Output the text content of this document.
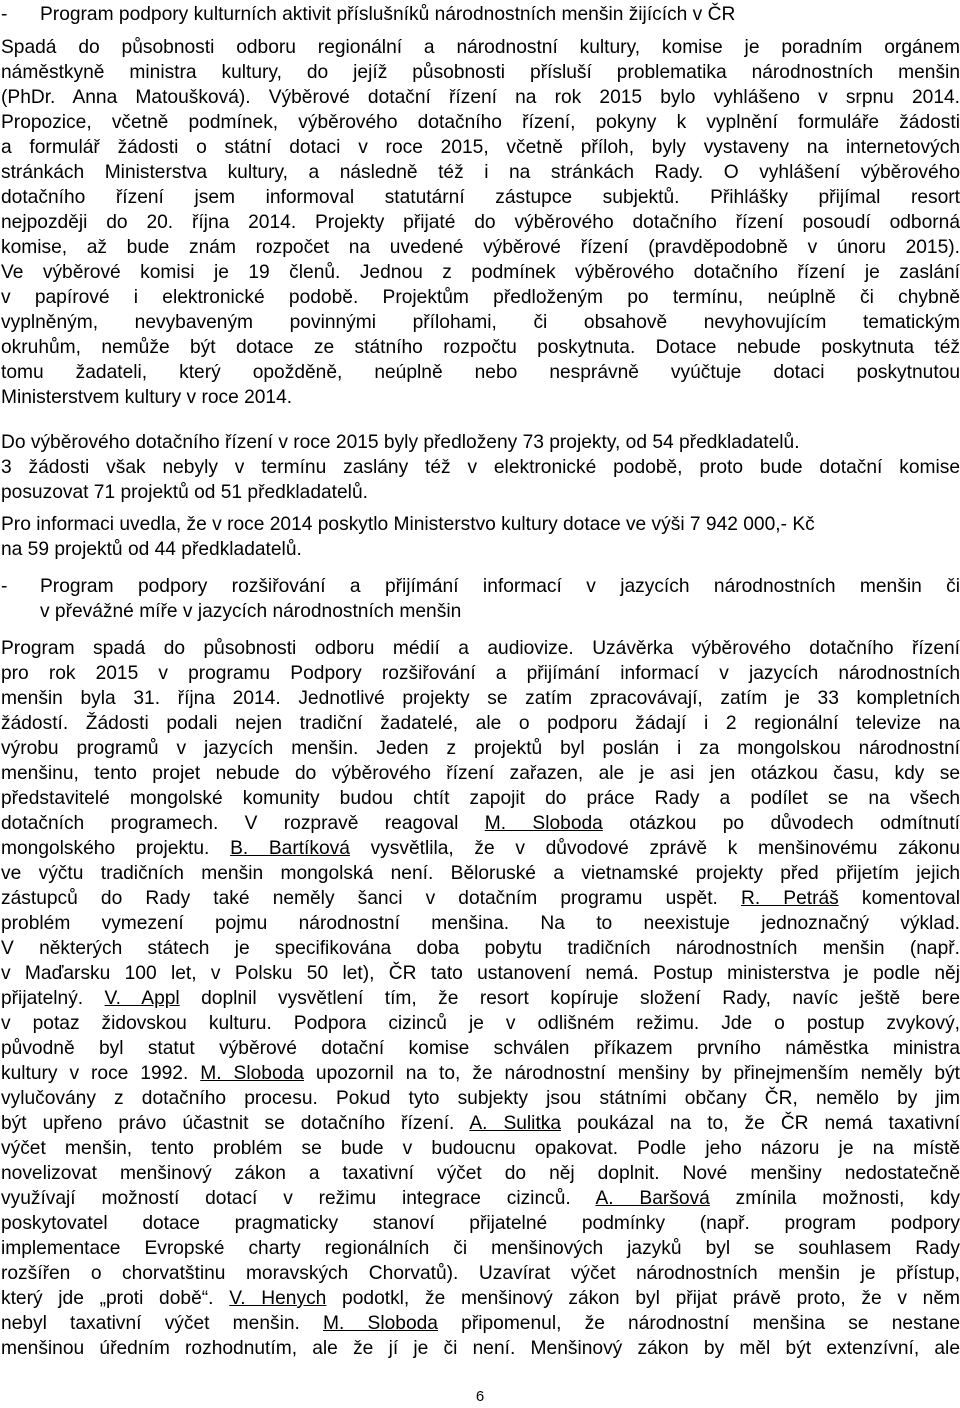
- Program podpory kulturních aktivit příslušníků národnostních menšin žijících v ČR
Spadá do působnosti odboru regionální a národnostní kultury, komise je poradním orgánem
náměstkyně ministra kultury, do jejíž působnosti přísluší problematika národnostních menšin
(PhDr. Anna Matoušková). Výběrové dotační řízení na rok 2015 bylo vyhlášeno v srpnu 2014.
Propozice, včetně podmínek, výběrového dotačního řízení, pokyny k vyplnění formuláře žádosti
a formulář žádosti o státní dotaci v roce 2015, včetně příloh, byly vystaveny na internetových
stránkách Ministerstva kultury, a následně též i na stránkách Rady. O vyhlášení výběrového
dotačního řízení jsem informoval statutární zástupce subjektů. Přihlášky přijímal resort
nejpozději do 20. října 2014. Projekty přijaté do výběrového dotačního řízení posoudí odborná
komise, až bude znám rozpočet na uvedené výběrové řízení (pravděpodobně v únoru 2015).
Ve výběrové komisi je 19 členů. Jednou z podmínek výběrového dotačního řízení je zaslání
v papírové i elektronické podobě. Projektům předloženým po termínu, neúplně či chybně
vyplněným, nevybaveným povinnými přílohami, či obsahově nevyhovujícím tematickým
okruhům, nemůže být dotace ze státního rozpočtu poskytnuta. Dotace nebude poskytnuta též
tomu žadateli, který opožděně, neúplně nebo nesprávně vyúčtuje dotaci poskytnutou
Ministerstvem kultury v roce 2014.
Do výběrového dotačního řízení v roce 2015 byly předloženy 73 projekty, od 54 předkladatelů.
3 žádosti však nebyly v termínu zaslány též v elektronické podobě, proto bude dotační komise
posuzovat 71 projektů od 51 předkladatelů.
Pro informaci uvedla, že v roce 2014 poskytlo Ministerstvo kultury dotace ve výši 7 942 000,- Kč
na 59 projektů od 44 předkladatelů.
- Program podpory rozšiřování a přijímání informací v jazycích národnostních menšin či
v převážné míře v jazycích národnostních menšin
Program spadá do působnosti odboru médií a audiovize. Uzávěrka výběrového dotačního řízení
pro rok 2015 v programu Podpory rozšiřování a přijímání informací v jazycích národnostních
menšin byla 31. října 2014. Jednotlivé projekty se zatím zpracovávají, zatím je 33 kompletních
žádostí. Žádosti podali nejen tradiční žadatelé, ale o podporu žádají i 2 regionální televize na
výrobu programů v jazycích menšin. Jeden z projektů byl poslán i za mongolskou národnostní
menšinu, tento projet nebude do výběrového řízení zařazen, ale je asi jen otázkou času, kdy se
představitelé mongolské komunity budou chtít zapojit do práce Rady a podílet se na všech
dotačních programech. V rozpravě reagoval M. Sloboda otázkou po důvodech odmítnutí
mongolského projektu. B. Bartíková vysvětlila, že v důvodové zprávě k menšinovému zákonu
ve výčtu tradičních menšin mongolská není. Běloruské a vietnamské projekty před přijetím jejich
zástupců do Rady také neměly šanci v dotačním programu uspět. R. Petráš komentoval
problém vymezení pojmu národnostní menšina. Na to neexistuje jednoznačný výklad.
V některých státech je specifikována doba pobytu tradičních národnostních menšin (např.
v Maďarsku 100 let, v Polsku 50 let), ČR tato ustanovení nemá. Postup ministerstva je podle něj
přijatelný. V. Appl doplnil vysvětlení tím, že resort kopíruje složení Rady, navíc ještě bere
v potaz židovskou kulturu. Podpora cizinců je v odlišném režimu. Jde o postup zvykový,
původně byl statut výběrové dotační komise schválen příkazem prvního náměstka ministra
kultury v roce 1992. M. Sloboda upozornil na to, že národnostní menšiny by přinejmenším neměly být
vylučovány z dotačního procesu. Pokud tyto subjekty jsou státními občany ČR, nemělo by jim
být upřeno právo účastnit se dotačního řízení. A. Sulitka poukázal na to, že ČR nemá taxativní
výčet menšin, tento problém se bude v budoucnu opakovat. Podle jeho názoru je na místě
novelizovat menšinový zákon a taxativní výčet do něj doplnit. Nové menšiny nedostatečně
využívají možností dotací v režimu integrace cizinců. A. Baršová zmínila možnosti, kdy
poskytovatel dotace pragmaticky stanoví přijatelné podmínky (např. program podpory
implementace Evropské charty regionálních či menšinových jazyků byl se souhlasem Rady
rozšířen o chorvatštinu moravských Chorvatů). Uzavírat výčet národnostních menšin je přístup,
který jde „proti době“. V. Henych podotkl, že menšinový zákon byl přijat právě proto, že v něm
nebyl taxativní výčet menšin. M. Sloboda připomenul, že národnostní menšina se nestane
menšinou úředním rozhodnutím, ale že jí je či není. Menšinový zákon by měl být extenzívní, ale
6
